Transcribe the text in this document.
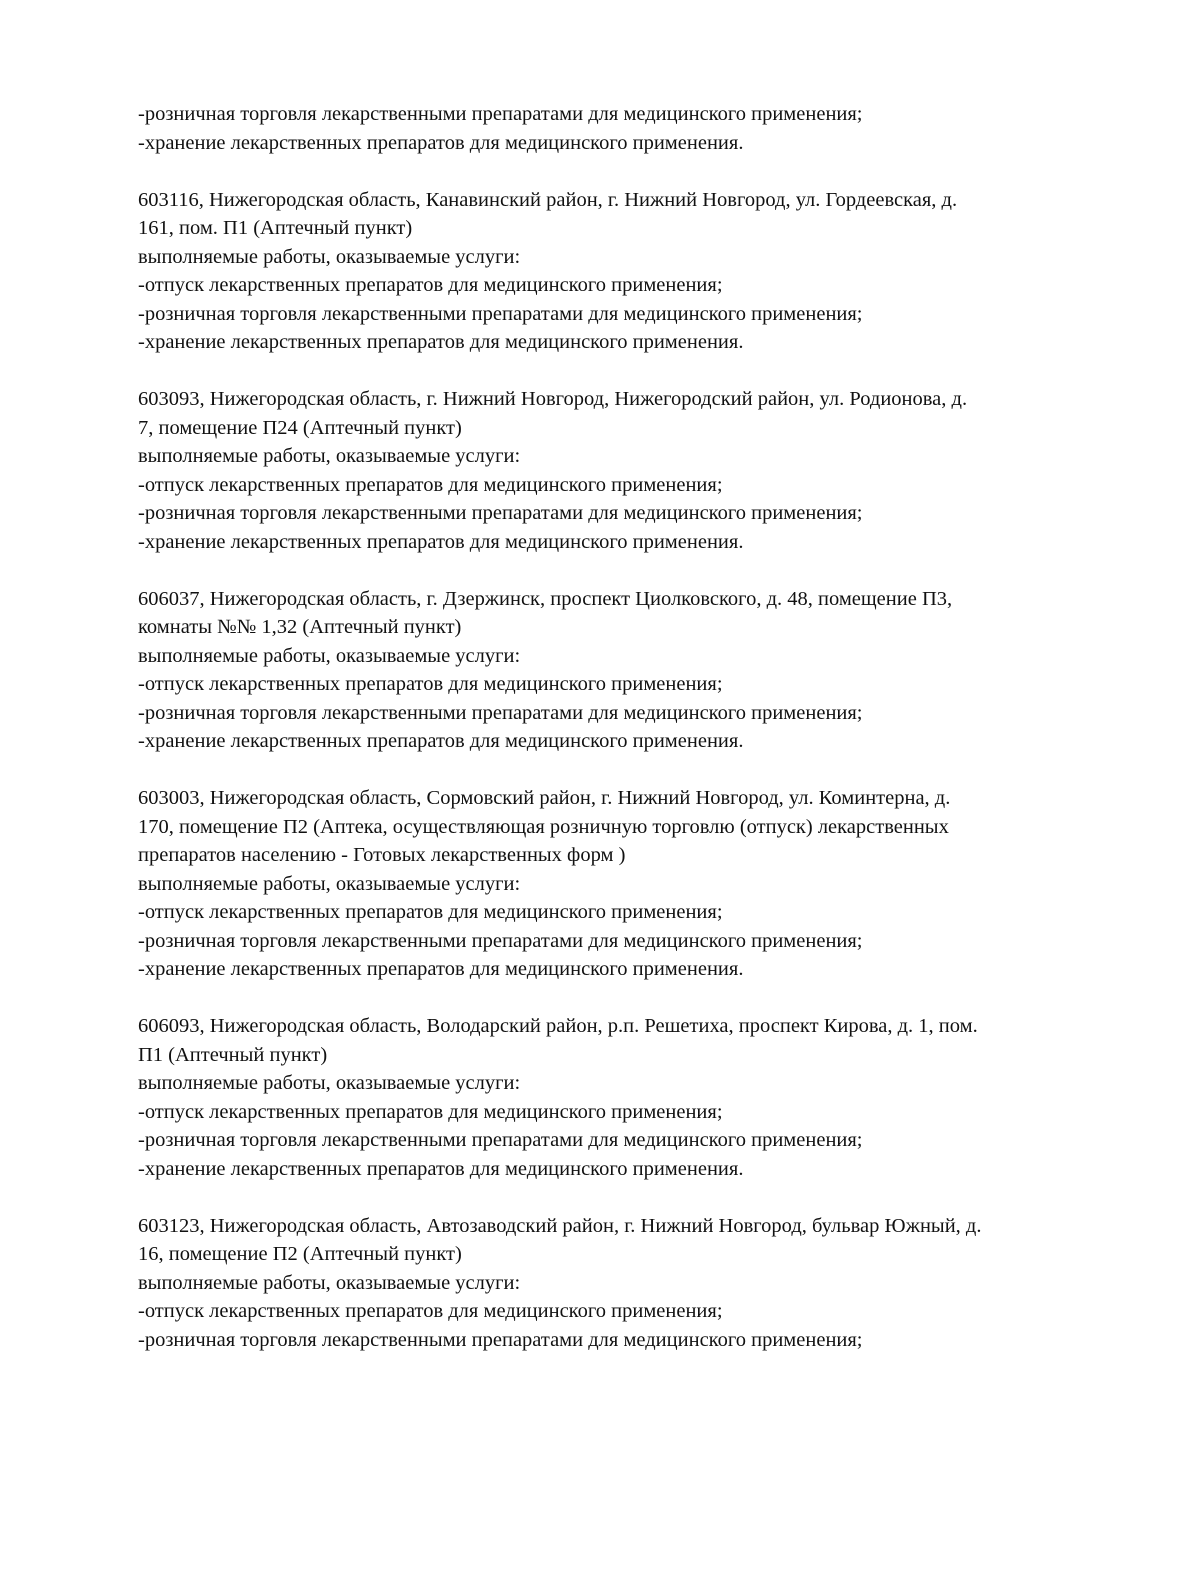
-розничная торговля лекарственными препаратами для медицинского применения;
-хранение лекарственных препаратов для медицинского применения.
603116, Нижегородская область, Канавинский район, г. Нижний Новгород, ул. Гордеевская, д.
161, пом. П1 (Аптечный пункт)
выполняемые работы, оказываемые услуги:
-отпуск лекарственных препаратов для медицинского применения;
-розничная торговля лекарственными препаратами для медицинского применения;
-хранение лекарственных препаратов для медицинского применения.
603093, Нижегородская область, г. Нижний Новгород, Нижегородский район, ул. Родионова, д.
7, помещение П24 (Аптечный пункт)
выполняемые работы, оказываемые услуги:
-отпуск лекарственных препаратов для медицинского применения;
-розничная торговля лекарственными препаратами для медицинского применения;
-хранение лекарственных препаратов для медицинского применения.
606037, Нижегородская область, г. Дзержинск, проспект Циолковского, д. 48, помещение П3,
комнаты №№ 1,32 (Аптечный пункт)
выполняемые работы, оказываемые услуги:
-отпуск лекарственных препаратов для медицинского применения;
-розничная торговля лекарственными препаратами для медицинского применения;
-хранение лекарственных препаратов для медицинского применения.
603003, Нижегородская область, Сормовский район, г. Нижний Новгород, ул. Коминтерна, д.
170, помещение П2 (Аптека, осуществляющая розничную торговлю (отпуск) лекарственных
препаратов населению - Готовых лекарственных форм )
выполняемые работы, оказываемые услуги:
-отпуск лекарственных препаратов для медицинского применения;
-розничная торговля лекарственными препаратами для медицинского применения;
-хранение лекарственных препаратов для медицинского применения.
606093, Нижегородская область, Володарский район, р.п. Решетиха, проспект Кирова, д. 1, пом.
П1 (Аптечный пункт)
выполняемые работы, оказываемые услуги:
-отпуск лекарственных препаратов для медицинского применения;
-розничная торговля лекарственными препаратами для медицинского применения;
-хранение лекарственных препаратов для медицинского применения.
603123, Нижегородская область, Автозаводский район, г. Нижний Новгород, бульвар Южный, д.
16, помещение П2 (Аптечный пункт)
выполняемые работы, оказываемые услуги:
-отпуск лекарственных препаратов для медицинского применения;
-розничная торговля лекарственными препаратами для медицинского применения;
